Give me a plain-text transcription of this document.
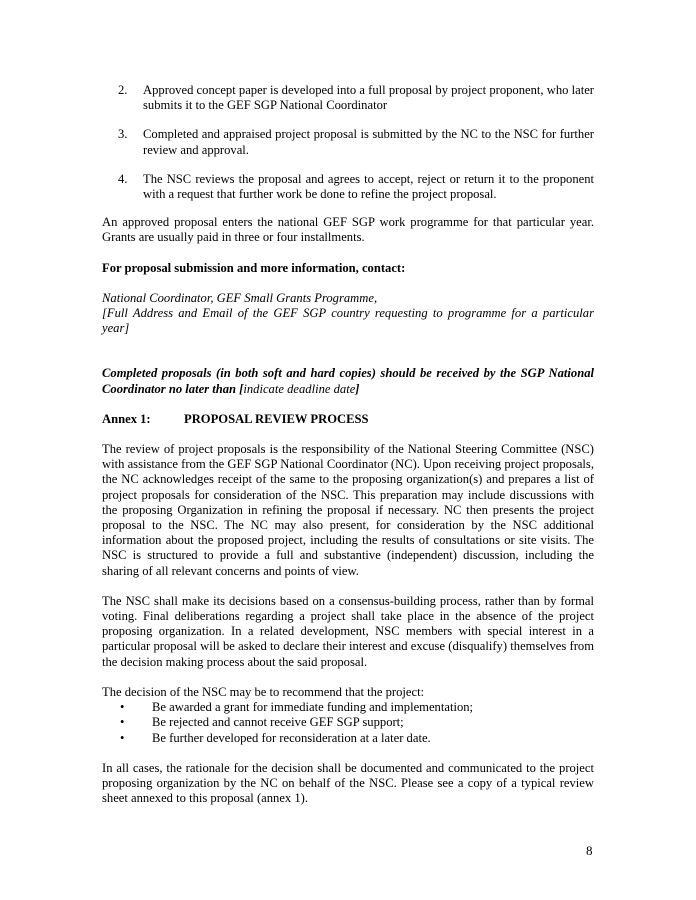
2.	Approved concept paper is developed into a full proposal by project proponent, who later submits it to the GEF SGP National Coordinator
3.	Completed and appraised project proposal is submitted by the NC to the NSC for further review and approval.
4.	The NSC reviews the proposal and agrees to accept, reject or return it to the proponent with a request that further work be done to refine the project proposal.

An approved proposal enters the national GEF SGP work programme for that particular year. Grants are usually paid in three or four installments.

For proposal submission and more information, contact:

National Coordinator, GEF Small Grants Programme,

[Full Address and Email of the GEF SGP country requesting to programme for a particular year]

Completed proposals (in both soft and hard copies) should be received by the SGP National Coordinator no later than [indicate deadline date]

Annex 1:	PROPOSAL REVIEW PROCESS

The review of project proposals is the responsibility of the National Steering Committee (NSC) with assistance from the GEF SGP National Coordinator (NC). Upon receiving project proposals, the NC acknowledges receipt of the same to the proposing organization(s) and prepares a list of project proposals for consideration of the NSC. This preparation may include discussions with the proposing Organization in refining the proposal if necessary. NC then presents the project proposal to the NSC. The NC may also present, for consideration by the NSC additional information about the proposed project, including the results of consultations or site visits. The NSC is structured to provide a full and substantive (independent) discussion, including the sharing of all relevant concerns and points of view.

The NSC shall make its decisions based on a consensus-building process, rather than by formal voting. Final deliberations regarding a project shall take place in the absence of the project proposing organization. In a related development, NSC members with special interest in a particular proposal will be asked to declare their interest and excuse (disqualify) themselves from the decision making process about the said proposal.

The decision of the NSC may be to recommend that the project:

•	Be awarded a grant for immediate funding and implementation;
•	Be rejected and cannot receive GEF SGP support;
•	Be further developed for reconsideration at a later date.

In all cases, the rationale for the decision shall be documented and communicated to the project proposing organization by the NC on behalf of the NSC. Please see a copy of a typical review sheet annexed to this proposal (annex 1).

8
